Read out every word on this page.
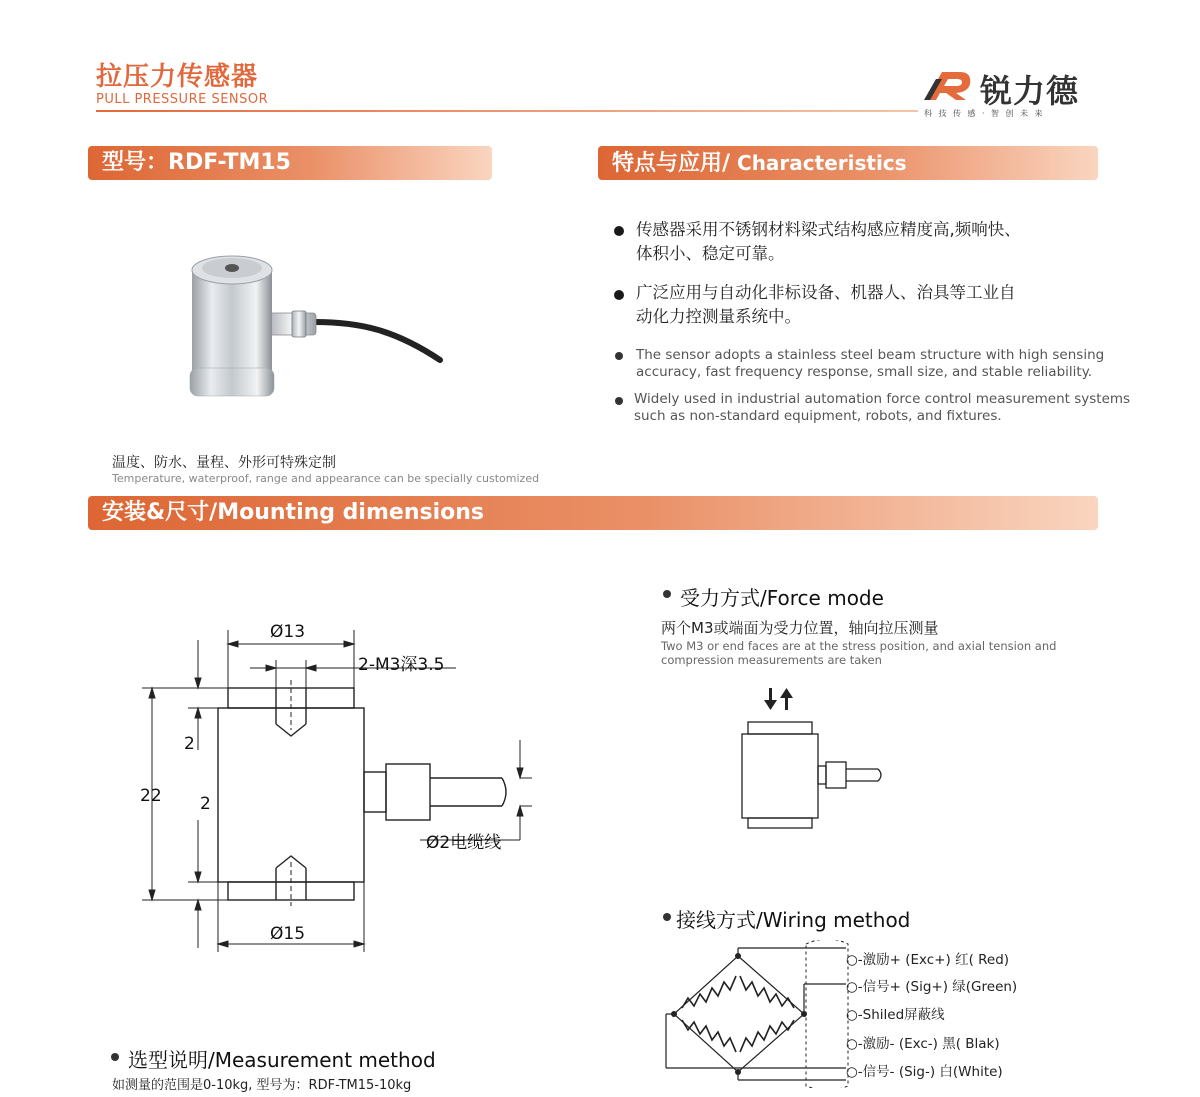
拉压力传感器
PULL PRESSURE SENSOR	锐力德
科技传感·智创未来
型号：RDF-TM15	特点与应用/ Characteristics
传感器采用不锈钢材料梁式结构感应精度高,频响快、
体积小、稳定可靠。
广泛应用与自动化非标设备、机器人、治具等工业自
动化力控测量系统中。
The sensor adopts a stainless steel beam structure with high sensing
accuracy, fast frequency response, small size, and stable reliability.
Widely used in industrial automation force control measurement systems
such as non-standard equipment, robots, and fixtures.
温度、防水、量程、外形可特殊定制
Temperature, waterproof, range and appearance can be specially customized
安装&尺寸/Mounting dimensions
Ø13
2-M3深3.5
22
2
2
Ø15
Ø2电缆线
受力方式/Force mode
两个M3或端面为受力位置，轴向拉压测量
Two M3 or end faces are at the stress position, and axial tension and
compression measurements are taken
接线方式/Wiring method
○-激励+ (Exc+) 红( Red)
○-信号+ (Sig+) 绿(Green)
○-Shiled屏蔽线
○-激励- (Exc-) 黑( Blak)
○-信号- (Sig-) 白(White)
选型说明/Measurement method
如测量的范围是0-10kg, 型号为：RDF-TM15-10kg
